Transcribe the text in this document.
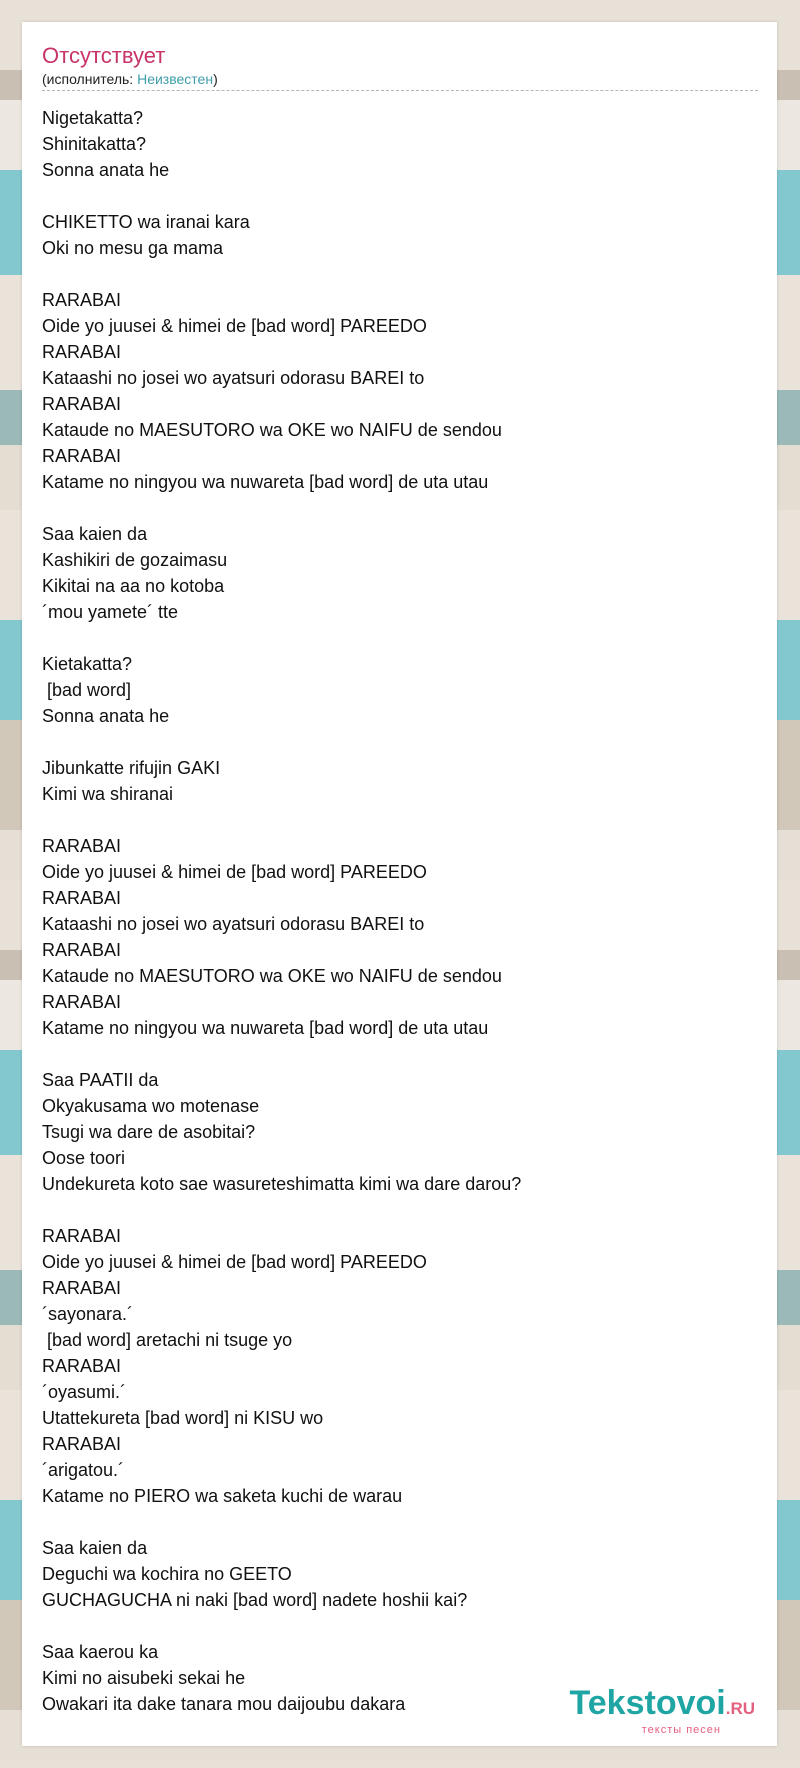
Отсутствует
(исполнитель: Неизвестен)
Nigetakatta?
Shinitakatta?
Sonna anata he
CHIKETTO wa iranai kara
Oki no mesu ga mama
RARABAI
Oide yo juusei & himei de [bad word] PAREEDO
RARABAI
Kataashi no josei wo ayatsuri odorasu BAREI to
RARABAI
Kataude no MAESUTORO wa OKE wo NAIFU de sendou
RARABAI
Katame no ningyou wa nuwareta [bad word] de uta utau
Saa kaien da
Kashikiri de gozaimasu
Kikitai na aa no kotoba
´mou yamete´ tte
Kietakatta?
[bad word]
Sonna anata he
Jibunkatte rifujin GAKI
Kimi wa shiranai
RARABAI
Oide yo juusei & himei de [bad word] PAREEDO
RARABAI
Kataashi no josei wo ayatsuri odorasu BAREI to
RARABAI
Kataude no MAESUTORO wa OKE wo NAIFU de sendou
RARABAI
Katame no ningyou wa nuwareta [bad word] de uta utau
Saa PAATII da
Okyakusama wo motenase
Tsugi wa dare de asobitai?
Oose toori
Undekureta koto sae wasureteshimatta kimi wa dare darou?
RARABAI
Oide yo juusei & himei de [bad word] PAREEDO
RARABAI
´sayonara.´
[bad word] aretachi ni tsuge yo
RARABAI
´oyasumi.´
Utattekureta [bad word] ni KISU wo
RARABAI
´arigatou.´
Katame no PIERO wa saketa kuchi de warau
Saa kaien da
Deguchi wa kochira no GEETO
GUCHAGUCHA ni naki [bad word] nadete hoshii kai?
Saa kaerou ka
Kimi no aisubeki sekai he
Owakari ita dake tanara mou daijoubu dakara	Tekstovoi.RU
тексты песен
